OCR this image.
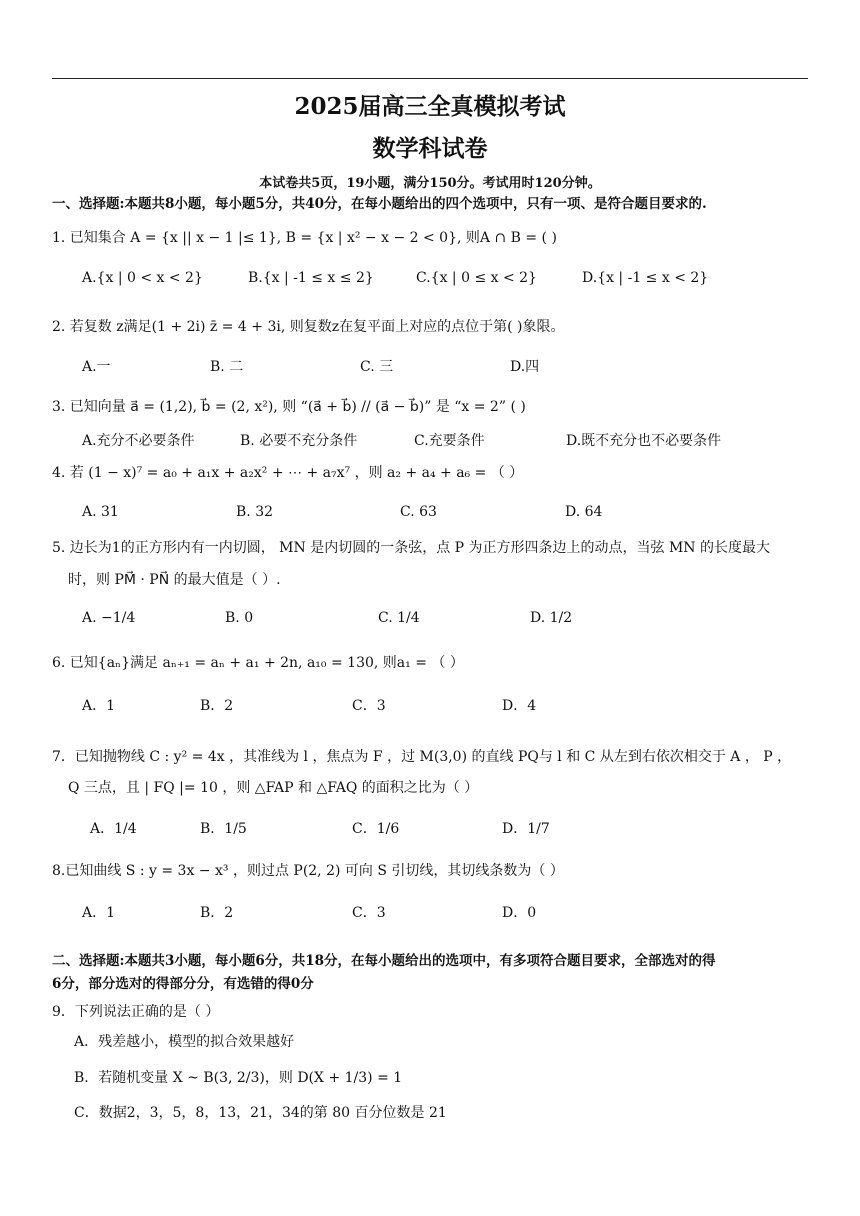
2025届高三全真模拟考试
数学科试卷
本试卷共5页，19小题，满分150分。考试用时120分钟。
一、选择题:本题共8小题，每小题5分，共40分，在每小题给出的四个选项中，只有一项、是符合题目要求的.
1. 已知集合 A = {x || x − 1 |≤ 1}, B = {x | x² − x − 2 < 0}, 则A ∩ B = ( )
A.{x | 0 < x < 2}	B.{x | -1 ≤ x ≤ 2}	C.{x | 0 ≤ x < 2}	D.{x | -1 ≤ x < 2}
2. 若复数 z满足(1 + 2i) z̄ = 4 + 3i, 则复数z在复平面上对应的点位于第( )象限。
A.一	B. 二	C. 三	D.四
3. 已知向量 a⃗ = (1,2), b⃗ = (2, x²), 则 “(a⃗ + b⃗) // (a⃗ − b⃗)” 是 “x = 2” ( )
A.充分不必要条件	B. 必要不充分条件	C.充要条件	D.既不充分也不必要条件
4. 若 (1 − x)⁷ = a₀ + a₁x + a₂x² + ⋯ + a₇x⁷ ，则 a₂ + a₄ + a₆ = （ ）
A. 31	B. 32	C. 63	D. 64
5. 边长为1的正方形内有一内切圆， MN 是内切圆的一条弦，点 P 为正方形四条边上的动点，当弦 MN 的长度最大
时，则 PM⃗ · PN⃗ 的最大值是（ ）.
A. −1/4	B. 0	C. 1/4	D. 1/2
6. 已知{aₙ}满足 aₙ₊₁ = aₙ + a₁ + 2n, a₁₀ = 130, 则a₁ = （ ）
A．1	B．2	C．3	D．4
7．已知抛物线 C : y² = 4x ，其准线为 l ，焦点为 F ，过 M(3,0) 的直线 PQ与 l 和 C 从左到右依次相交于 A ， P ，
Q 三点，且 | FQ |= 10 ，则 △FAP 和 △FAQ 的面积之比为（ ）
A．1/4	B．1/5	C．1/6	D．1/7
8.已知曲线 S : y = 3x − x³ ，则过点 P(2, 2) 可向 S 引切线，其切线条数为（ ）
A．1	B．2	C．3	D．0
二、选择题:本题共3小题，每小题6分，共18分，在每小题给出的选项中，有多项符合题目要求，全部选对的得
6分，部分选对的得部分分，有选错的得0分
9．下列说法正确的是（ ）
A．残差越小，模型的拟合效果越好
B．若随机变量 X ~ B(3, 2/3)，则 D(X + 1/3) = 1
C．数据2，3，5，8，13，21，34的第 80 百分位数是 21
